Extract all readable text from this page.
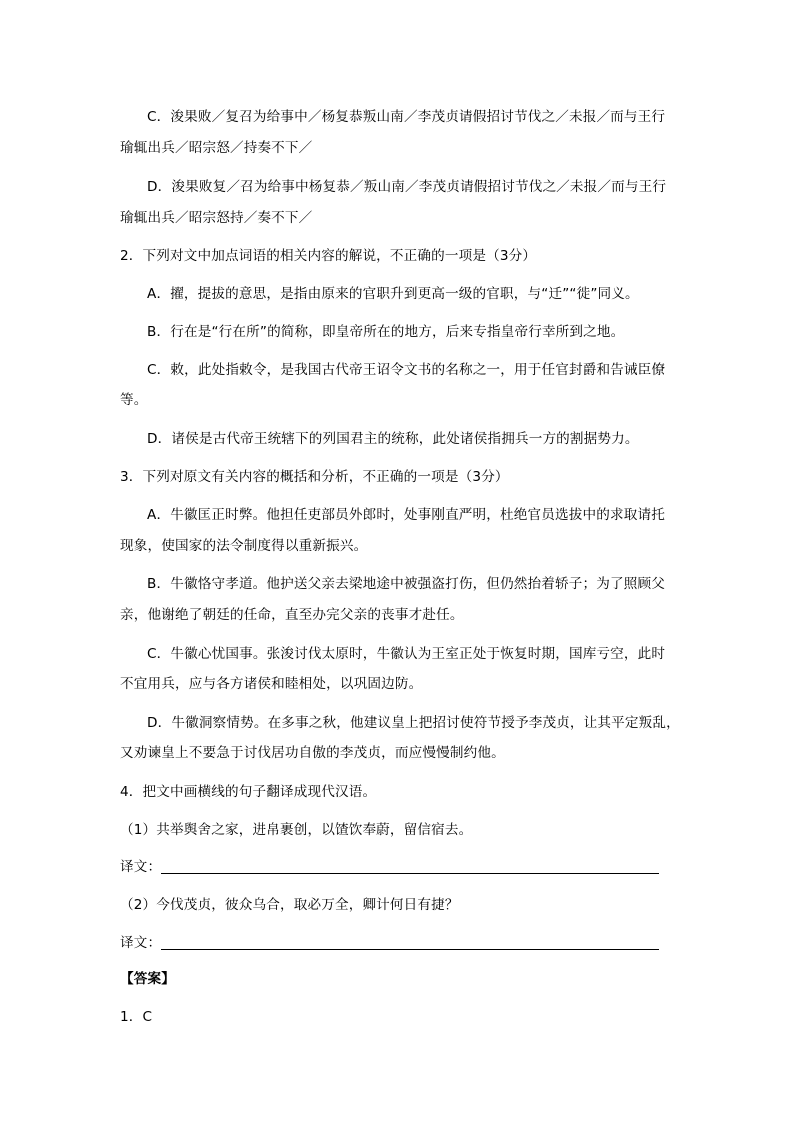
C．浚果败／复召为给事中／杨复恭叛山南／李茂贞请假招讨节伐之／未报／而与王行
瑜辄出兵／昭宗怒／持奏不下／
D．浚果败复／召为给事中杨复恭／叛山南／李茂贞请假招讨节伐之／未报／而与王行
瑜辄出兵／昭宗怒持／奏不下／
2．下列对文中加点词语的相关内容的解说，不正确的一项是（3分）
A．擢，提拔的意思，是指由原来的官职升到更高一级的官职，与“迁”“徙”同义。
B．行在是“行在所”的简称，即皇帝所在的地方，后来专指皇帝行幸所到之地。
C．敕，此处指敕令，是我国古代帝王诏令文书的名称之一，用于任官封爵和告诫臣僚
等。
D．诸侯是古代帝王统辖下的列国君主的统称，此处诸侯指拥兵一方的割据势力。
3．下列对原文有关内容的概括和分析，不正确的一项是（3分）
A．牛徽匡正时弊。他担任吏部员外郎时，处事刚直严明，杜绝官员选拔中的求取请托
现象，使国家的法令制度得以重新振兴。
B．牛徽恪守孝道。他护送父亲去梁地途中被强盗打伤，但仍然抬着轿子；为了照顾父
亲，他谢绝了朝廷的任命，直至办完父亲的丧事才赴任。
C．牛徽心忧国事。张浚讨伐太原时，牛徽认为王室正处于恢复时期，国库亏空，此时
不宜用兵，应与各方诸侯和睦相处，以巩固边防。
D．牛徽洞察情势。在多事之秋，他建议皇上把招讨使符节授予李茂贞，让其平定叛乱，
又劝谏皇上不要急于讨伐居功自傲的李茂贞，而应慢慢制约他。
4．把文中画横线的句子翻译成现代汉语。
（1）共举舆舍之家，进帛裹创，以馇饮奉蔚，留信宿去。
译文：
（2）今伐茂贞，彼众乌合，取必万全，卿计何日有捷？
译文：
【答案】
1．C
